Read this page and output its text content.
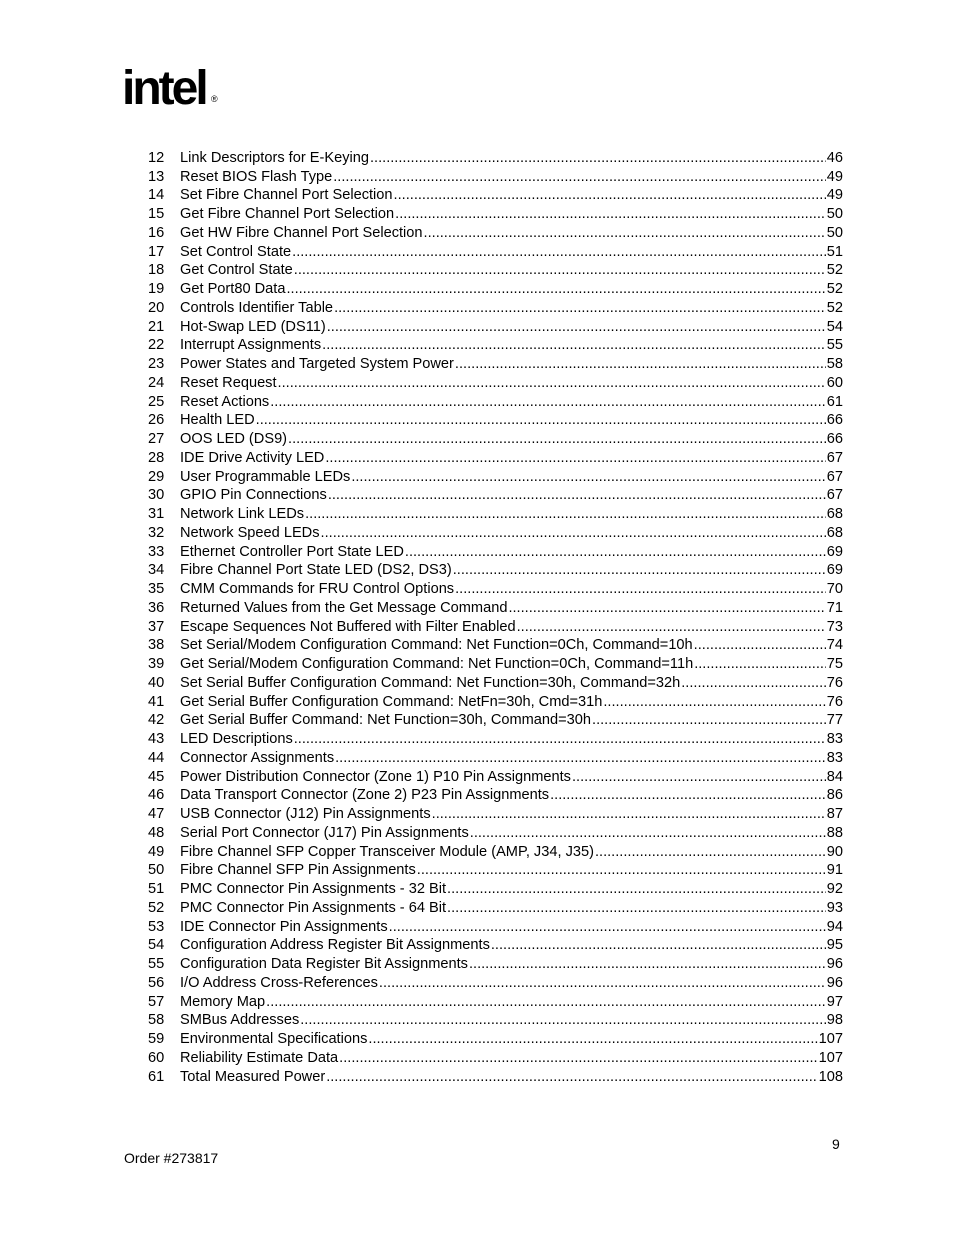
intel ®
12	Link Descriptors for E-Keying .....	46
13	Reset BIOS Flash Type .....	49
14	Set Fibre Channel Port Selection .....	49
15	Get Fibre Channel Port Selection .....	50
16	Get HW Fibre Channel Port Selection .....	50
17	Set Control State .....	51
18	Get Control State .....	52
19	Get Port80 Data .....	52
20	Controls Identifier Table .....	52
21	Hot-Swap LED (DS11) .....	54
22	Interrupt Assignments .....	55
23	Power States and Targeted System Power .....	58
24	Reset Request .....	60
25	Reset Actions .....	61
26	Health LED .....	66
27	OOS LED (DS9) .....	66
28	IDE Drive Activity LED .....	67
29	User Programmable LEDs .....	67
30	GPIO Pin Connections .....	67
31	Network Link LEDs .....	68
32	Network Speed LEDs .....	68
33	Ethernet Controller Port State LED .....	69
34	Fibre Channel Port State LED (DS2, DS3) .....	69
35	CMM Commands for FRU Control Options .....	70
36	Returned Values from the Get Message Command .....	71
37	Escape Sequences Not Buffered with Filter Enabled .....	73
38	Set Serial/Modem Configuration Command: Net Function=0Ch, Command=10h .....	74
39	Get Serial/Modem Configuration Command: Net Function=0Ch, Command=11h .....	75
40	Set Serial Buffer Configuration Command: Net Function=30h, Command=32h .....	76
41	Get Serial Buffer Configuration Command: NetFn=30h, Cmd=31h .....	76
42	Get Serial Buffer Command: Net Function=30h, Command=30h .....	77
43	LED Descriptions .....	83
44	Connector Assignments .....	83
45	Power Distribution Connector (Zone 1) P10 Pin Assignments .....	84
46	Data Transport Connector (Zone 2) P23 Pin Assignments .....	86
47	USB Connector (J12) Pin Assignments .....	87
48	Serial Port Connector (J17) Pin Assignments .....	88
49	Fibre Channel SFP Copper Transceiver Module (AMP, J34, J35) .....	90
50	Fibre Channel SFP Pin Assignments .....	91
51	PMC Connector Pin Assignments - 32 Bit .....	92
52	PMC Connector Pin Assignments - 64 Bit .....	93
53	IDE Connector Pin Assignments .....	94
54	Configuration Address Register Bit Assignments .....	95
55	Configuration Data Register Bit Assignments .....	96
56	I/O Address Cross-References .....	96
57	Memory Map .....	97
58	SMBus Addresses .....	98
59	Environmental Specifications .....	107
60	Reliability Estimate Data .....	107
61	Total Measured Power .....	108
9
Order #273817
